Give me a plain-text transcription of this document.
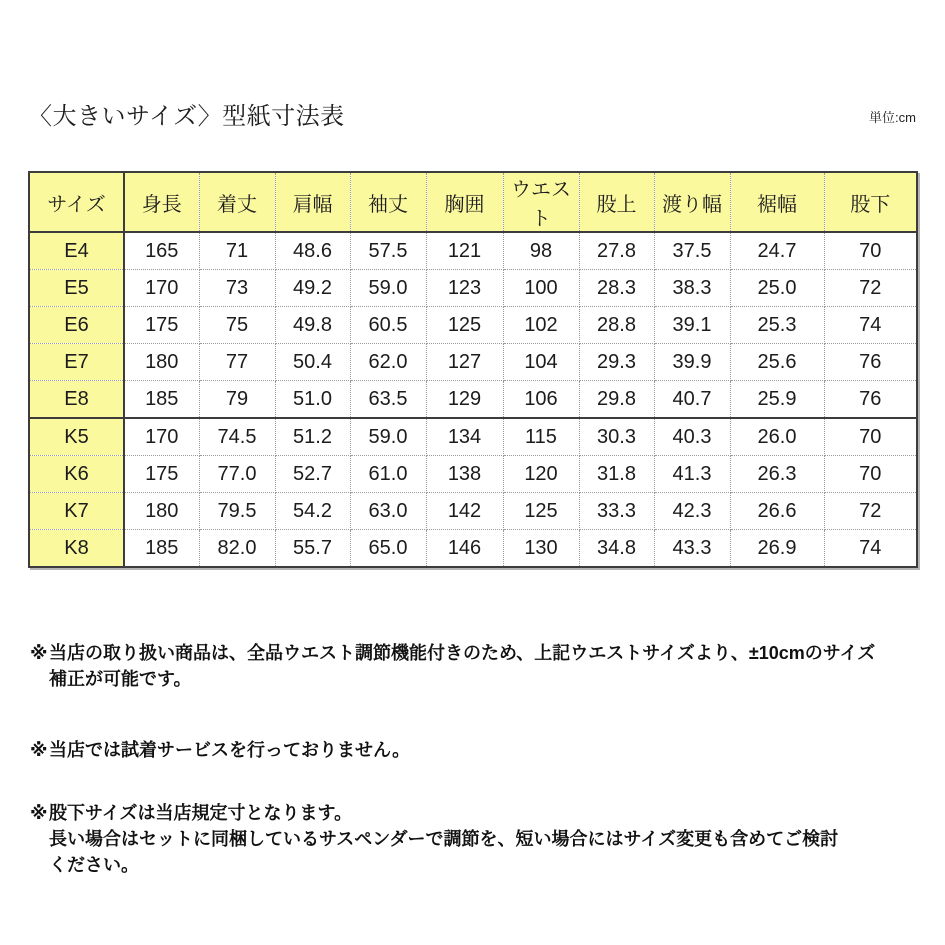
〈大きいサイズ〉型紙寸法表	単位:cm
サイズ	身長	着丈	肩幅	袖丈	胸囲	ウエスト	股上	渡り幅	裾幅	股下
E4	165	71	48.6	57.5	121	98	27.8	37.5	24.7	70
E5	170	73	49.2	59.0	123	100	28.3	38.3	25.0	72
E6	175	75	49.8	60.5	125	102	28.8	39.1	25.3	74
E7	180	77	50.4	62.0	127	104	29.3	39.9	25.6	76
E8	185	79	51.0	63.5	129	106	29.8	40.7	25.9	76
K5	170	74.5	51.2	59.0	134	115	30.3	40.3	26.0	70
K6	175	77.0	52.7	61.0	138	120	31.8	41.3	26.3	70
K7	180	79.5	54.2	63.0	142	125	33.3	42.3	26.6	72
K8	185	82.0	55.7	65.0	146	130	34.8	43.3	26.9	74
※ 当店の取り扱い商品は、全品ウエスト調節機能付きのため、上記ウエストサイズより、±10cmのサイズ
補正が可能です。
※ 当店では試着サービスを行っておりません。
※ 股下サイズは当店規定寸となります。
長い場合はセットに同梱しているサスペンダーで調節を、短い場合にはサイズ変更も含めてご検討
ください。
